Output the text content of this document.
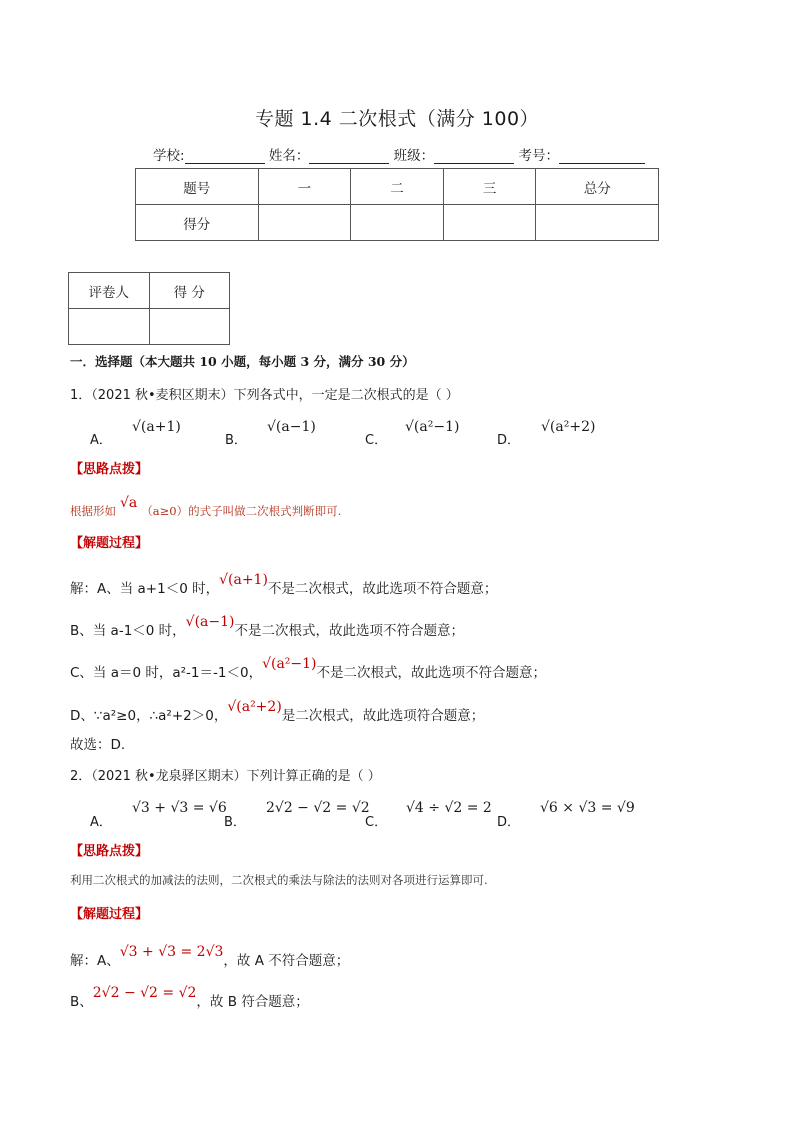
专题 1.4 二次根式（满分 100）
学校:	姓名：	班级：	考号：
题号	一	二	三	总分
得分				
评卷人	得 分

一．选择题（本大题共 10 小题，每小题 3 分，满分 30 分）
1．（2021 秋•麦积区期末）下列各式中，一定是二次根式的是（ ）
A．
√(a+1)
B．
√(a−1)
C．
√(a²−1)
D．
√(a²+2)
【思路点拨】
根据形如 √a （a≥0）的式子叫做二次根式判断即可.
【解题过程】
解：A、当 a+1＜0 时，√(a+1)不是二次根式，故此选项不符合题意；
B、当 a-1＜0 时，√(a−1)不是二次根式，故此选项不符合题意；
C、当 a＝0 时，a²-1＝-1＜0，√(a²−1)不是二次根式，故此选项不符合题意；
D、∵a²≥0，∴a²+2＞0，√(a²+2)是二次根式，故此选项符合题意；
故选：D.
2．（2021 秋•龙泉驿区期末）下列计算正确的是（ ）
A．
√3 + √3 = √6
B．
2√2 − √2 = √2
C．
√4 ÷ √2 = 2
D．
√6 × √3 = √9
【思路点拨】
利用二次根式的加减法的法则，二次根式的乘法与除法的法则对各项进行运算即可.
【解题过程】
解：A、√3 + √3 = 2√3，故 A 不符合题意；
B、2√2 − √2 = √2，故 B 符合题意；
